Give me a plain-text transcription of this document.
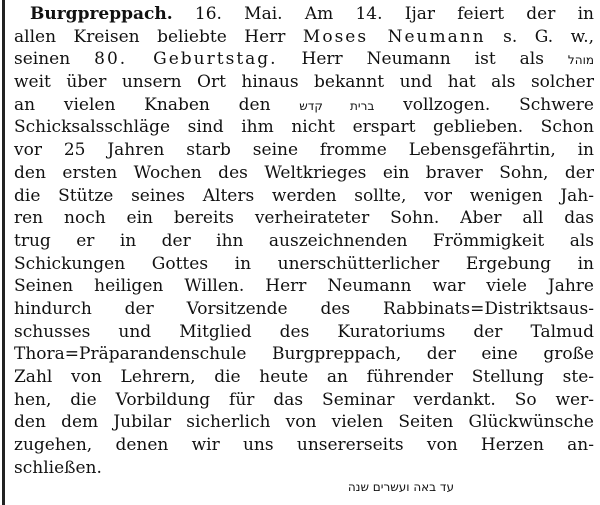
Burgpreppach. 16. Mai. Am 14. Ijar feiert der in
allen Kreisen beliebte Herr Moses Neumann s. G. w.,
seinen 80. Geburtstag. Herr Neumann ist als מוהל
weit über unsern Ort hinaus bekannt und hat als solcher
an vielen Knaben den ברית קדש vollzogen. Schwere
Schicksalsschläge sind ihm nicht erspart geblieben. Schon
vor 25 Jahren starb seine fromme Lebensgefährtin, in
den ersten Wochen des Weltkrieges ein braver Sohn, der
die Stütze seines Alters werden sollte, vor wenigen Jah-
ren noch ein bereits verheirateter Sohn. Aber all das
trug er in der ihn auszeichnenden Frömmigkeit als
Schickungen Gottes in unerschütterlicher Ergebung in
Seinen heiligen Willen. Herr Neumann war viele Jahre
hindurch der Vorsitzende des Rabbinats=Distriktsaus-
schusses und Mitglied des Kuratoriums der Talmud
Thora=Präparandenschule Burgpreppach, der eine große
Zahl von Lehrern, die heute an führender Stellung ste-
hen, die Vorbildung für das Seminar verdankt. So wer-
den dem Jubilar sicherlich von vielen Seiten Glückwünsche
zugehen, denen wir uns unsererseits von Herzen an-
schließen.
עד באה ועשרים שנה
